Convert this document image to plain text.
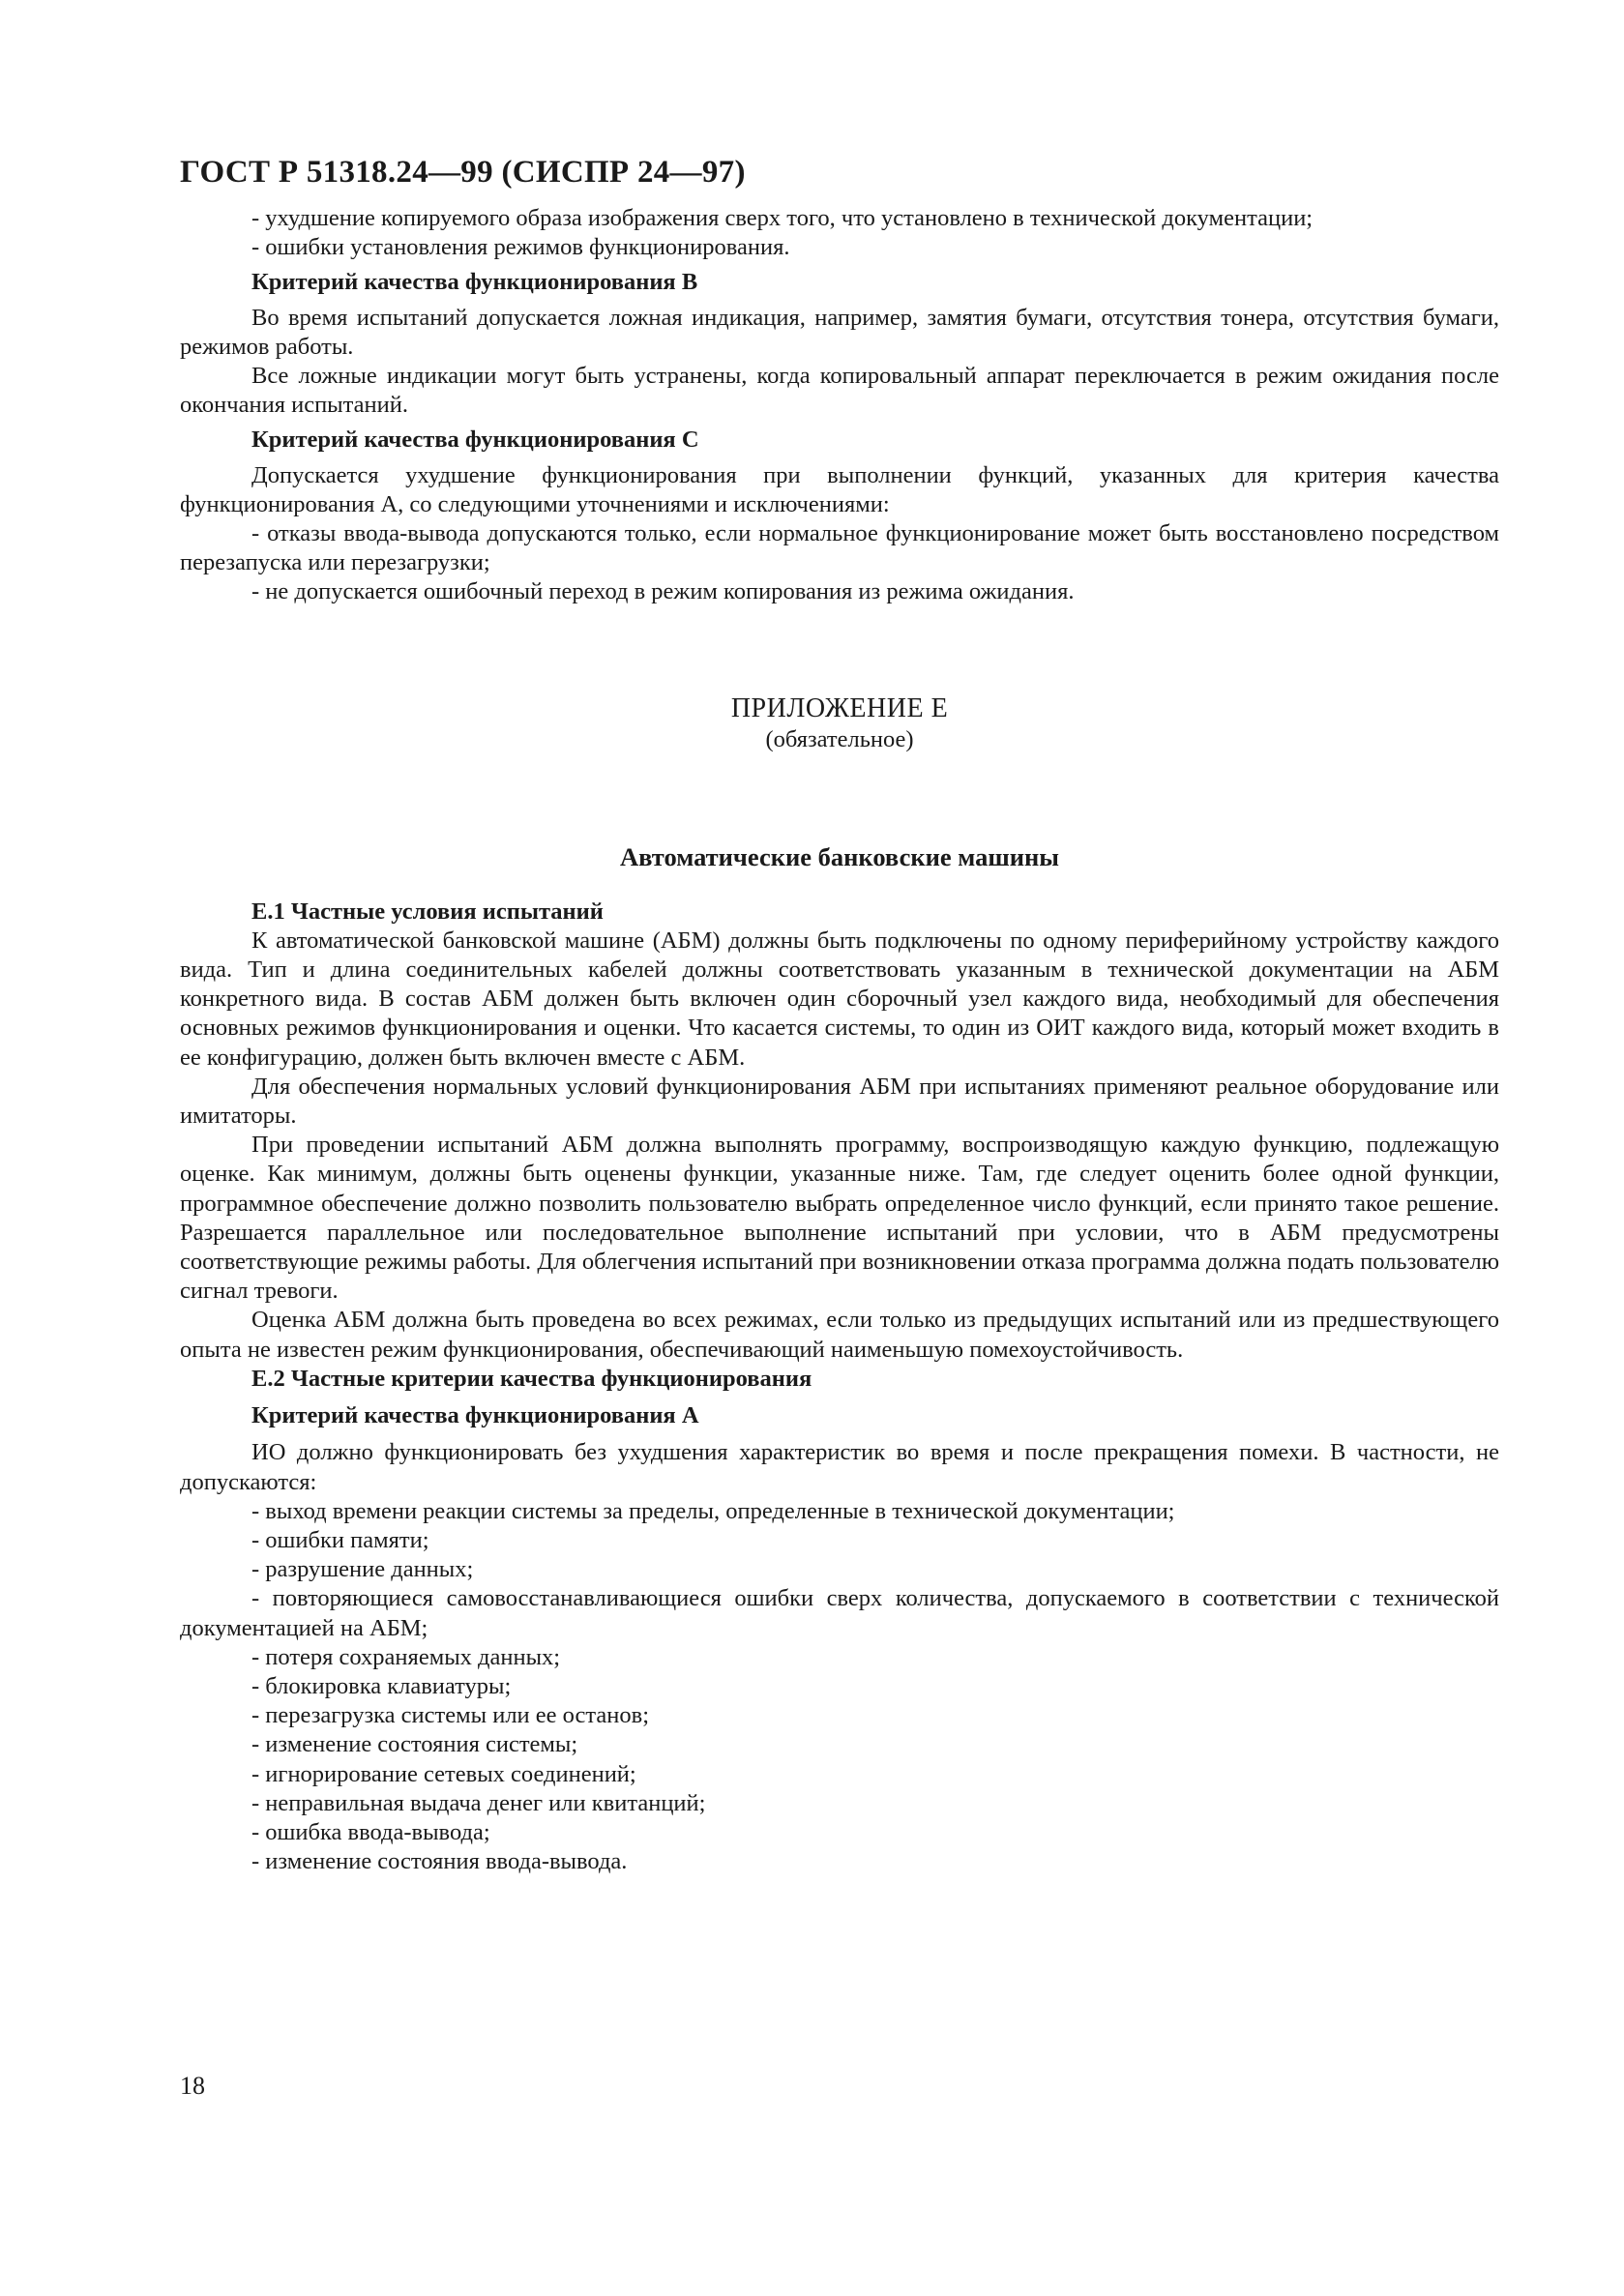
ГОСТ Р 51318.24—99 (СИСПР 24—97)

- ухудшение копируемого образа изображения сверх того, что установлено в технической документации;

- ошибки установления режимов функционирования.

Критерий качества функционирования В

Во время испытаний допускается ложная индикация, например, замятия бумаги, отсутствия тонера, отсутствия бумаги, режимов работы.

Все ложные индикации могут быть устранены, когда копировальный аппарат переключается в режим ожидания после окончания испытаний.

Критерий качества функционирования С

Допускается ухудшение функционирования при выполнении функций, указанных для критерия качества функционирования А, со следующими уточнениями и исключениями:

- отказы ввода-вывода допускаются только, если нормальное функционирование может быть восстановлено посредством перезапуска или перезагрузки;

- не допускается ошибочный переход в режим копирования из режима ожидания.

ПРИЛОЖЕНИЕ Е
(обязательное)
Автоматические банковские машины

Е.1 Частные условия испытаний

К автоматической банковской машине (АБМ) должны быть подключены по одному периферийному устройству каждого вида. Тип и длина соединительных кабелей должны соответствовать указанным в технической документации на АБМ конкретного вида. В состав АБМ должен быть включен один сборочный узел каждого вида, необходимый для обеспечения основных режимов функционирования и оценки. Что касается системы, то один из ОИТ каждого вида, который может входить в ее конфигурацию, должен быть включен вместе с АБМ.

Для обеспечения нормальных условий функционирования АБМ при испытаниях применяют реальное оборудование или имитаторы.

При проведении испытаний АБМ должна выполнять программу, воспроизводящую каждую функцию, подлежащую оценке. Как минимум, должны быть оценены функции, указанные ниже. Там, где следует оценить более одной функции, программное обеспечение должно позволить пользователю выбрать определенное число функций, если принято такое решение. Разрешается параллельное или последовательное выполнение испытаний при условии, что в АБМ предусмотрены соответствующие режимы работы. Для облегчения испытаний при возникновении отказа программа должна подать пользователю сигнал тревоги.

Оценка АБМ должна быть проведена во всех режимах, если только из предыдущих испытаний или из предшествующего опыта не известен режим функционирования, обеспечивающий наименьшую помехоустойчивость.

Е.2 Частные критерии качества функционирования

Критерий качества функционирования А

ИО должно функционировать без ухудшения характеристик во время и после прекращения помехи. В частности, не допускаются:

- выход времени реакции системы за пределы, определенные в технической документации;

- ошибки памяти;

- разрушение данных;

- повторяющиеся самовосстанавливающиеся ошибки сверх количества, допускаемого в соответствии с технической документацией на АБМ;

- потеря сохраняемых данных;

- блокировка клавиатуры;

- перезагрузка системы или ее останов;

- изменение состояния системы;

- игнорирование сетевых соединений;

- неправильная выдача денег или квитанций;

- ошибка ввода-вывода;

- изменение состояния ввода-вывода.

18
